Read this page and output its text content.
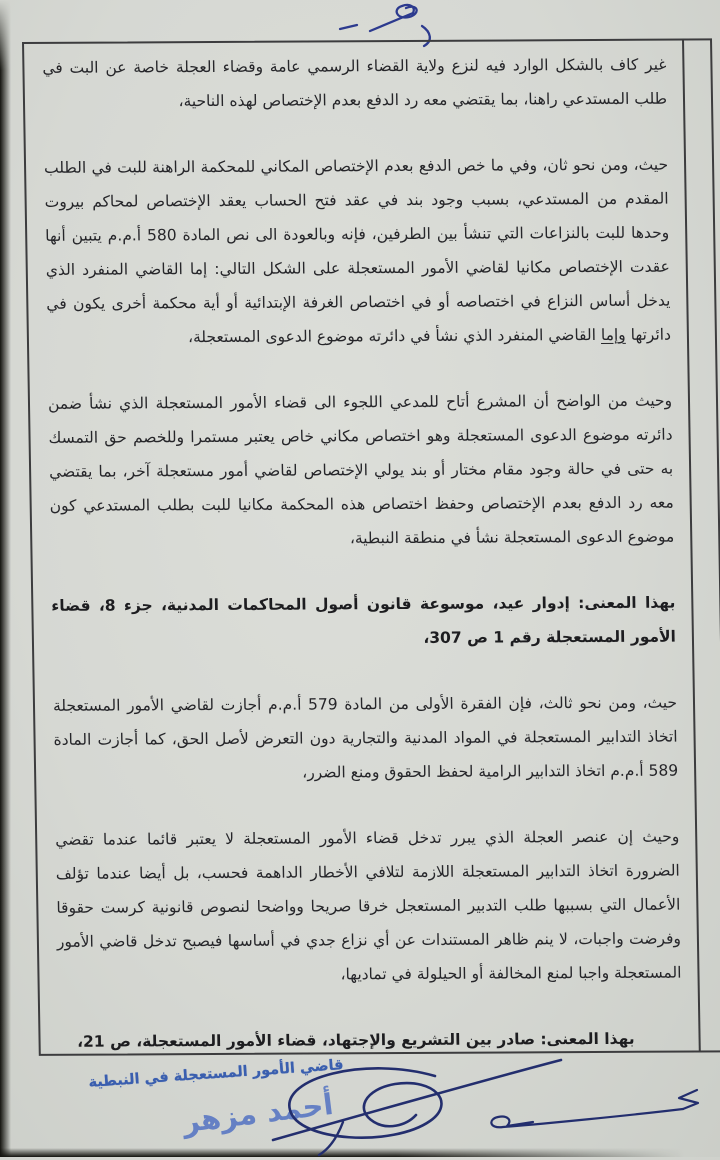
غير كاف بالشكل الوارد فيه لنزع ولاية القضاء الرسمي عامة وقضاء العجلة خاصة عن البت في طلب المستدعي راهنا، بما يقتضي معه رد الدفع بعدم الإختصاص لهذه الناحية،
حيث، ومن نحو ثان، وفي ما خص الدفع بعدم الإختصاص المكاني للمحكمة الراهنة للبت في الطلب المقدم من المستدعي، بسبب وجود بند في عقد فتح الحساب يعقد الإختصاص لمحاكم بيروت وحدها للبت بالنزاعات التي تنشأ بين الطرفين، فإنه وبالعودة الى نص المادة 580 أ.م.م يتبين أنها عقدت الإختصاص مكانيا لقاضي الأمور المستعجلة على الشكل التالي: إما القاضي المنفرد الذي يدخل أساس النزاع في اختصاصه أو في اختصاص الغرفة الإبتدائية أو أية محكمة أخرى يكون في دائرتها وإما القاضي المنفرد الذي نشأ في دائرته موضوع الدعوى المستعجلة،
وحيث من الواضح أن المشرع أتاح للمدعي اللجوء الى قضاء الأمور المستعجلة الذي نشأ ضمن دائرته موضوع الدعوى المستعجلة وهو اختصاص مكاني خاص يعتبر مستمرا وللخصم حق التمسك به حتى في حالة وجود مقام مختار أو بند يولي الإختصاص لقاضي أمور مستعجلة آخر، بما يقتضي معه رد الدفع بعدم الإختصاص وحفظ اختصاص هذه المحكمة مكانيا للبت بطلب المستدعي كون موضوع الدعوى المستعجلة نشأ في منطقة النبطية،
بهذا المعنى: إدوار عيد، موسوعة قانون أصول المحاكمات المدنية، جزء 8، قضاء الأمور المستعجلة رقم 1 ص 307،
حيث، ومن نحو ثالث، فإن الفقرة الأولى من المادة 579 أ.م.م أجازت لقاضي الأمور المستعجلة اتخاذ التدابير المستعجلة في المواد المدنية والتجارية دون التعرض لأصل الحق، كما أجازت المادة 589 أ.م.م اتخاذ التدابير الرامية لحفظ الحقوق ومنع الضرر،
وحيث إن عنصر العجلة الذي يبرر تدخل قضاء الأمور المستعجلة لا يعتبر قائما عندما تقضي الضرورة اتخاذ التدابير المستعجلة اللازمة لتلافي الأخطار الداهمة فحسب، بل أيضا عندما تؤلف الأعمال التي بسببها طلب التدبير المستعجل خرقا صريحا وواضحا لنصوص قانونية كرست حقوقا وفرضت واجبات، لا ينم ظاهر المستندات عن أي نزاع جدي في أساسها فيصبح تدخل قاضي الأمور المستعجلة واجبا لمنع المخالفة أو الحيلولة في تماديها،
بهذا المعنى: صادر بين التشريع والإجتهاد، قضاء الأمور المستعجلة، ص 21،
قاضي الأمور المستعجلة في النبطية
أحمد مزهر
